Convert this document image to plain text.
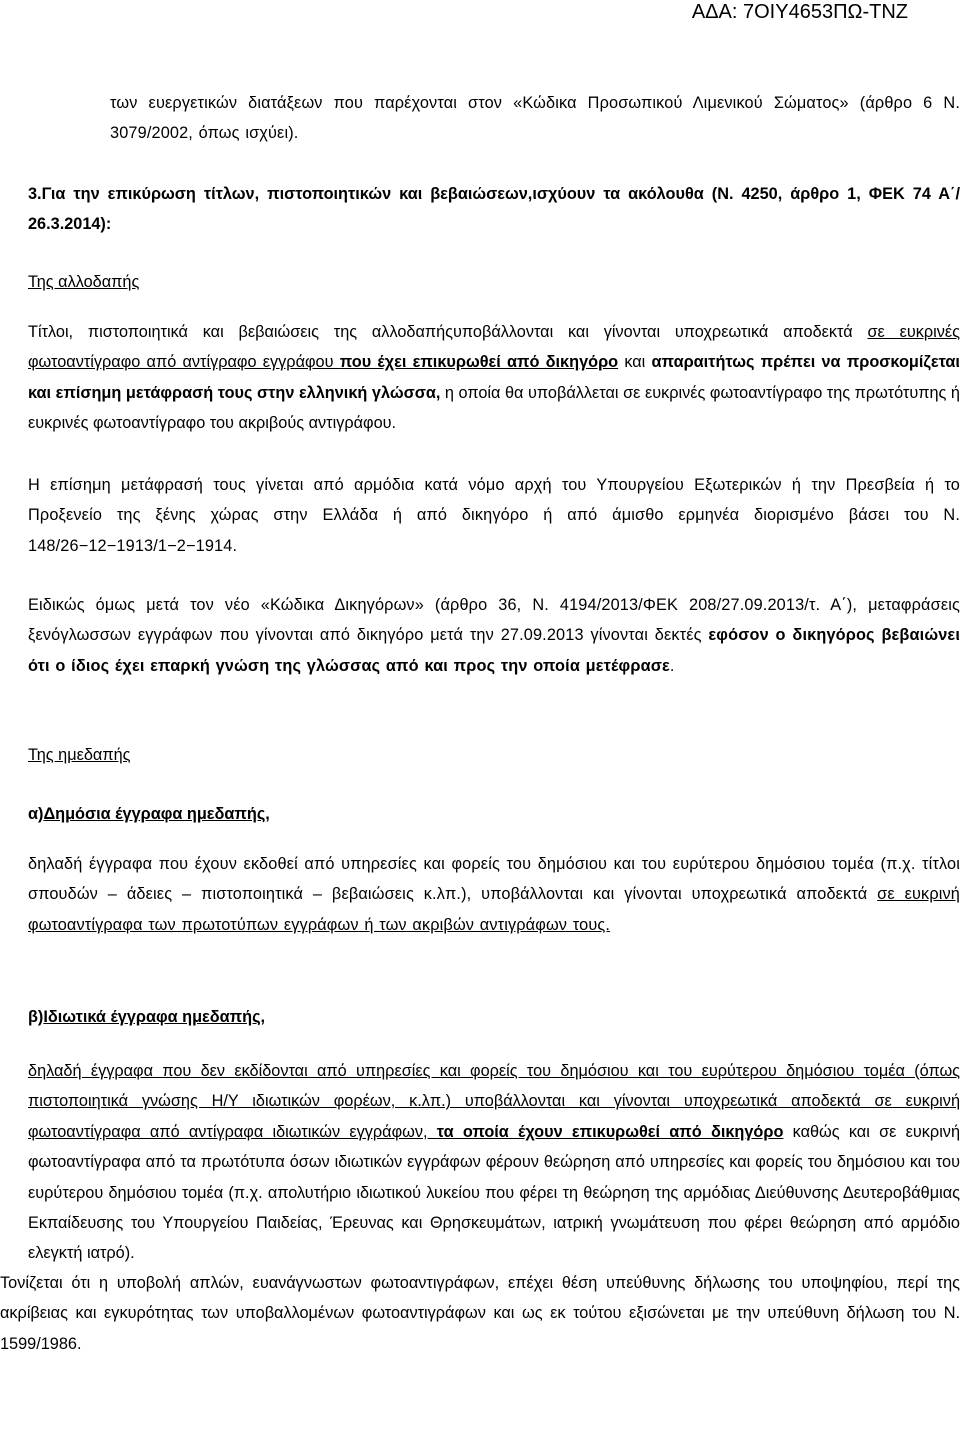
ΑΔΑ: 7ΟΙΥ4653ΠΩ-ΤΝΖ

των ευεργετικών διατάξεων που παρέχονται στον «Κώδικα Προσωπικού Λιμενικού Σώματος» (άρθρο 6 Ν. 3079/2002, όπως ισχύει).

3.Για την επικύρωση τίτλων, πιστοποιητικών και βεβαιώσεων,ισχύουν τα ακόλουθα (Ν. 4250, άρθρο 1, ΦΕΚ 74 Α΄/ 26.3.2014):

Της αλλοδαπής

Τίτλοι, πιστοποιητικά και βεβαιώσεις της αλλοδαπήςυποβάλλονται και γίνονται υποχρεωτικά αποδεκτά σε ευκρινές φωτοαντίγραφο από αντίγραφο εγγράφου που έχει επικυρωθεί από δικηγόρο και απαραιτήτως πρέπει να προσκομίζεται και επίσημη μετάφρασή τους στην ελληνική γλώσσα, η οποία θα υποβάλλεται σε ευκρινές φωτοαντίγραφο της πρωτότυπης ή ευκρινές φωτοαντίγραφο του ακριβούς αντιγράφου.

Η επίσημη μετάφρασή τους γίνεται από αρμόδια κατά νόμο αρχή του Υπουργείου Εξωτερικών ή την Πρεσβεία ή το Προξενείο της ξένης χώρας στην Ελλάδα ή από δικηγόρο ή από άμισθο ερμηνέα διορισμένο βάσει του Ν. 148/26−12−1913/1−2−1914.

Ειδικώς όμως μετά τον νέο «Κώδικα Δικηγόρων» (άρθρο 36, Ν. 4194/2013/ΦΕΚ 208/27.09.2013/τ. Α΄), μεταφράσεις ξενόγλωσσων εγγράφων που γίνονται από δικηγόρο μετά την 27.09.2013 γίνονται δεκτές εφόσον ο δικηγόρος βεβαιώνει ότι ο ίδιος έχει επαρκή γνώση της γλώσσας από και προς την οποία μετέφρασε.

Της ημεδαπής

α)Δημόσια έγγραφα ημεδαπής,

δηλαδή έγγραφα που έχουν εκδοθεί από υπηρεσίες και φορείς του δημόσιου και του ευρύτερου δημόσιου τομέα (π.χ. τίτλοι σπουδών – άδειες – πιστοποιητικά – βεβαιώσεις κ.λπ.), υποβάλλονται και γίνονται υποχρεωτικά αποδεκτά σε ευκρινή φωτοαντίγραφα των πρωτοτύπων εγγράφων ή των ακριβών αντιγράφων τους.

β)Ιδιωτικά έγγραφα ημεδαπής,

δηλαδή έγγραφα που δεν εκδίδονται από υπηρεσίες και φορείς του δημόσιου και του ευρύτερου δημόσιου τομέα (όπως πιστοποιητικά γνώσης Η/Υ ιδιωτικών φορέων, κ.λπ.) υποβάλλονται και γίνονται υποχρεωτικά αποδεκτά σε ευκρινή φωτοαντίγραφα από αντίγραφα ιδιωτικών εγγράφων, τα οποία έχουν επικυρωθεί από δικηγόρο καθώς και σε ευκρινή φωτοαντίγραφα από τα πρωτότυπα όσων ιδιωτικών εγγράφων φέρουν θεώρηση από υπηρεσίες και φορείς του δημόσιου και του ευρύτερου δημόσιου τομέα (π.χ. απολυτήριο ιδιωτικού λυκείου που φέρει τη θεώρηση της αρμόδιας Διεύθυνσης Δευτεροβάθμιας Εκπαίδευσης του Υπουργείου Παιδείας, Έρευνας και Θρησκευμάτων, ιατρική γνωμάτευση που φέρει θεώρηση από αρμόδιο ελεγκτή ιατρό).

Τονίζεται ότι η υποβολή απλών, ευανάγνωστων φωτοαντιγράφων, επέχει θέση υπεύθυνης δήλωσης του υποψηφίου, περί της ακρίβειας και εγκυρότητας των υποβαλλομένων φωτοαντιγράφων και ως εκ τούτου εξισώνεται με την υπεύθυνη δήλωση του Ν. 1599/1986.
